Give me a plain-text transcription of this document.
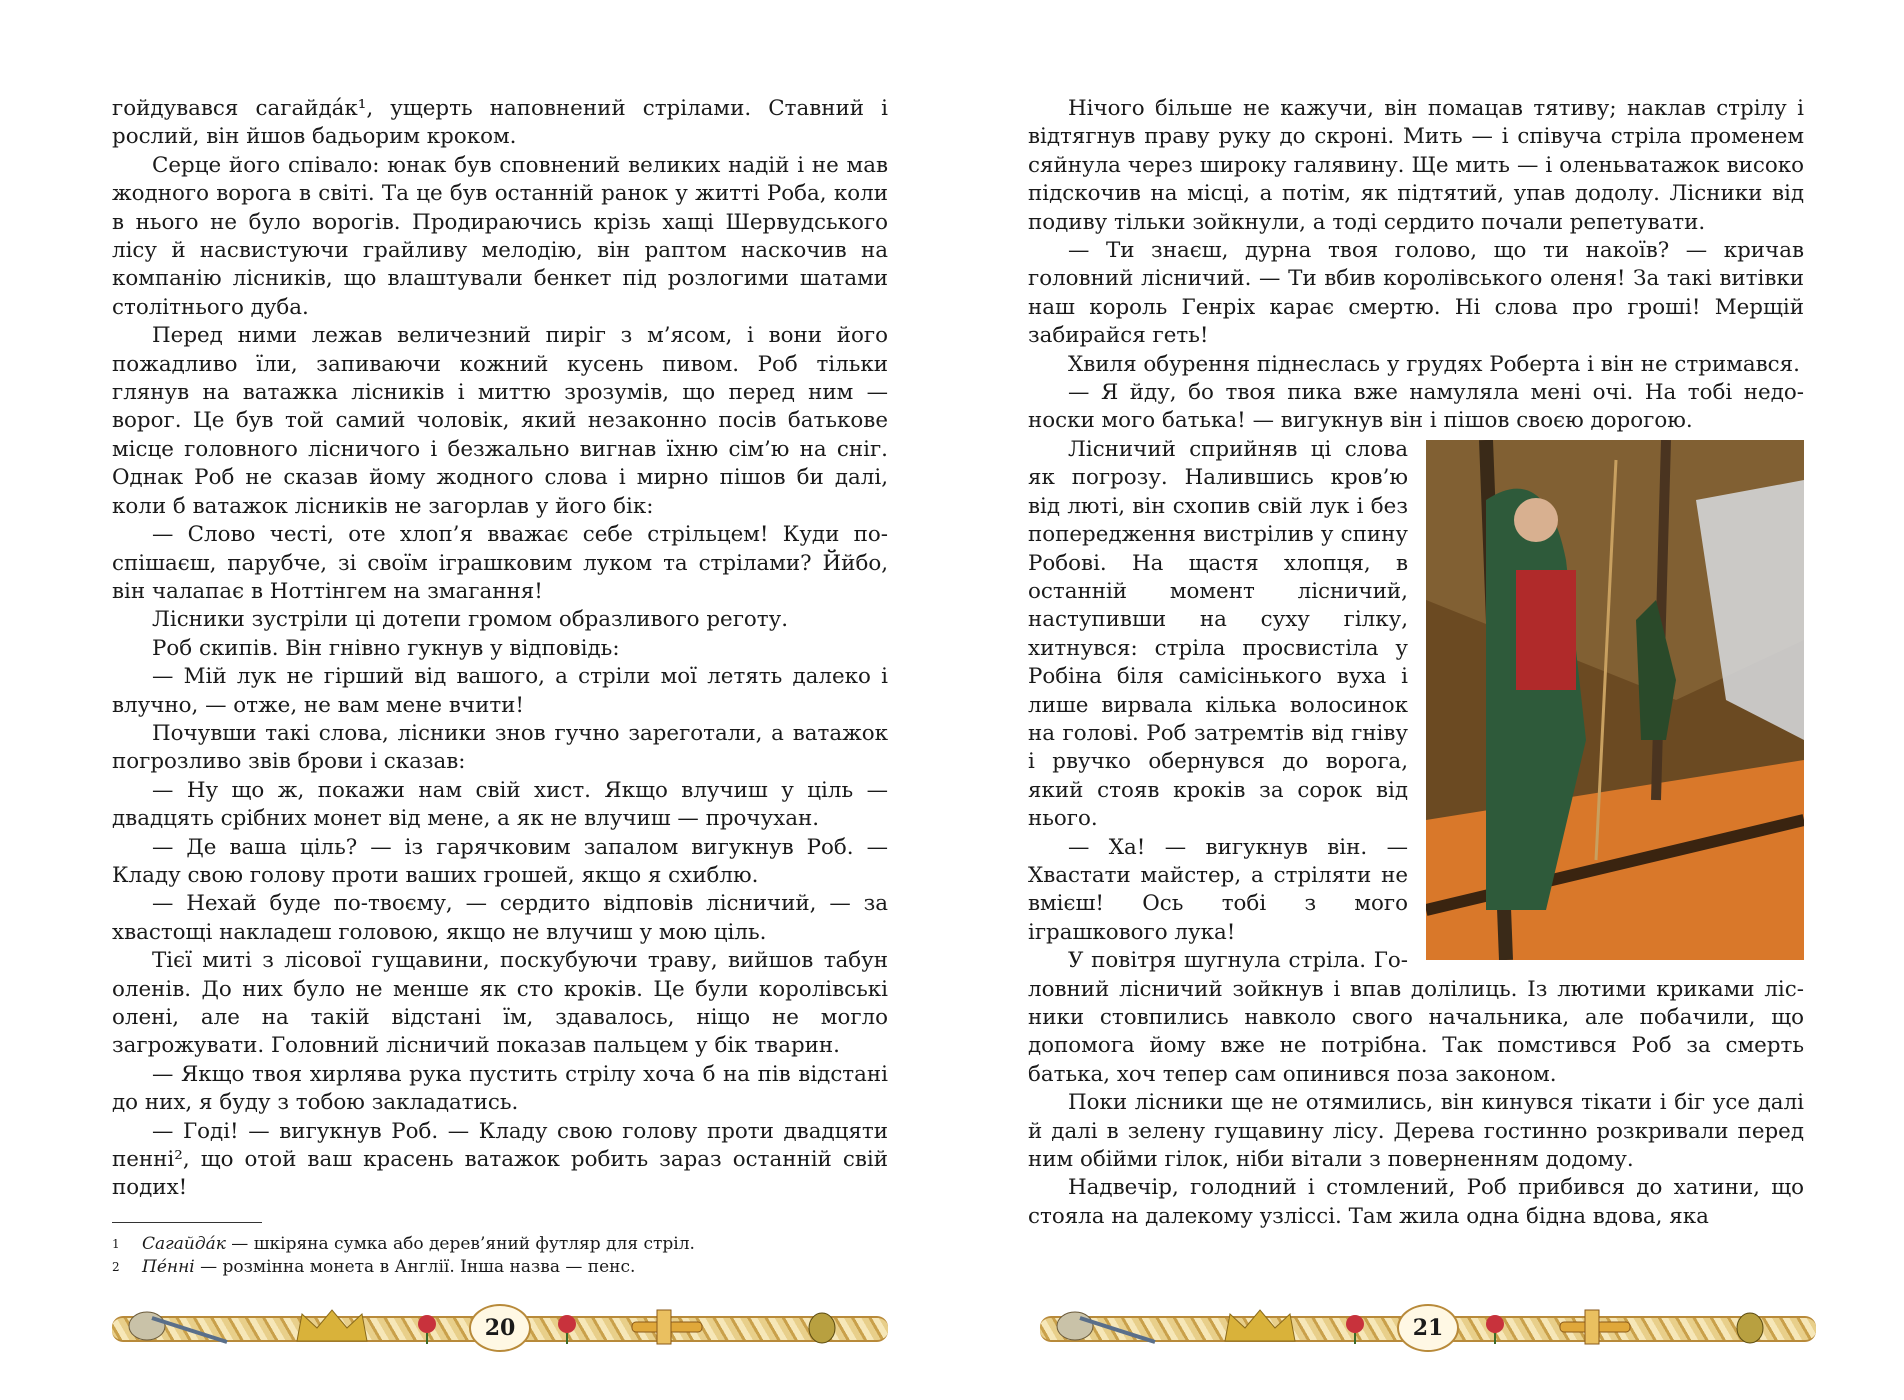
гойдувався сагайда́к¹, ущерть наповнений стрілами. Ставний і рослий, він йшов бадьорим кроком.

Серце його співало: юнак був сповнений великих надій і не мав жодного ворога в світі. Та це був останній ранок у житті Роба, коли в нього не було ворогів. Продираючись крізь хащі Шервудського лісу й насвистуючи грайливу мелодію, він раптом наскочив на компанію лісників, що влаштували бенкет під розлогими шатами столітнього дуба.

Перед ними лежав величезний пиріг з м’ясом, і вони його пожадливо їли, запиваючи кожний кусень пивом. Роб тільки глянув на ватажка лісників і миттю зрозумів, що перед ним — ворог. Це був той самий чоловік, який незаконно посів батькове місце головного лісничого і безжально вигнав їхню сім’ю на сніг. Однак Роб не сказав йому жодного слова і мирно пішов би далі, коли б ватажок лісників не загорлав у його бік:

— Слово честі, оте хлоп’я вважає себе стрільцем! Куди поспішаєш, парубче, зі своїм іграшковим луком та стрілами? Ййбо, він чалапає в Ноттінгем на змагання!

Лісники зустріли ці дотепи громом образливого реготу.

Роб скипів. Він гнівно гукнув у відповідь:

— Мій лук не гірший від вашого, а стріли мої летять далеко і влучно, — отже, не вам мене вчити!

Почувши такі слова, лісники знов гучно зареготали, а ватажок погрозливо звів брови і сказав:

— Ну що ж, покажи нам свій хист. Якщо влучиш у ціль — двадцять срібних монет від мене, а як не влучиш — прочухан.

— Де ваша ціль? — із гарячковим запалом вигукнув Роб. — Кладу свою голову проти ваших грошей, якщо я схиблю.

— Нехай буде по-твоєму, — сердито відповів лісничий, — за хвастощі накладеш головою, якщо не влучиш у мою ціль.

Тієї миті з лісової гущавини, поскубуючи траву, вийшов табун оленів. До них було не менше як сто кроків. Це були королівські олені, але на такій відстані їм, здавалось, ніщо не могло загрожувати. Головний лісничий показав пальцем у бік тварин.

— Якщо твоя хирлява рука пустить стрілу хоча б на пів відстані до них, я буду з тобою закладатись.

— Годі! — вигукнув Роб. — Кладу свою голову проти двадцяти пенні², що отой ваш красень ватажок робить зараз останній свій подих!

1	Сагайда́к — шкіряна сумка або дерев’яний футляр для стріл.
2	Пе́нні — розмінна монета в Англії. Інша назва — пенс.
20

Нічого більше не кажучи, він помацав тятиву; наклав стрілу і відтягнув праву руку до скроні. Мить — і співуча стріла променем сяйнула через широку галявину. Ще мить — і оленьватажок високо підскочив на місці, а потім, як підтятий, упав додолу. Лісники від подиву тільки зойкнули, а тоді сердито почали репетувати.

— Ти знаєш, дурна твоя голово, що ти накоїв? — кричав головний лісничий. — Ти вбив королівського оленя! За такі витівки наш король Генріх карає смертю. Ні слова про гроші! Мерщій забирайся геть!

Хвиля обурення піднеслась у грудях Роберта і він не стримався.

— Я йду, бо твоя пика вже намуляла мені очі. На тобі недоноски мого батька! — вигукнув він і пішов своєю дорогою.

Лісничий сприйняв ці слова як погрозу. Налившись кров’ю від люті, він схопив свій лук і без попередження вистрілив у спину Робові. На щастя хлопця, в останній момент лісничий, наступивши на суху гілку, хитнувся: стріла просвистіла у Робіна біля самісінького вуха і лише вирвала кілька волосинок на голові. Роб затремтів від гніву і рвучко обернувся до ворога, який стояв кроків за сорок від нього.

— Ха! — вигукнув він. — Хвастати майстер, а стріляти не вмієш! Ось тобі з мого іграшкового лука!

У повітря шугнула стріла. Головний лісничий зойкнув і впав долілиць. Із лютими криками лісники стовпились навколо свого начальника, але побачили, що допомога йому вже не потрібна. Так помстився Роб за смерть батька, хоч тепер сам опинився поза законом.

Поки лісники ще не отямились, він кинувся тікати і біг усе далі й далі в зелену гущавину лісу. Дерева гостинно розкривали перед ним обійми гілок, ніби вітали з поверненням додому.

Надвечір, голодний і стомлений, Роб прибився до хатини, що стояла на далекому узліссі. Там жила одна бідна вдова, яка

21
